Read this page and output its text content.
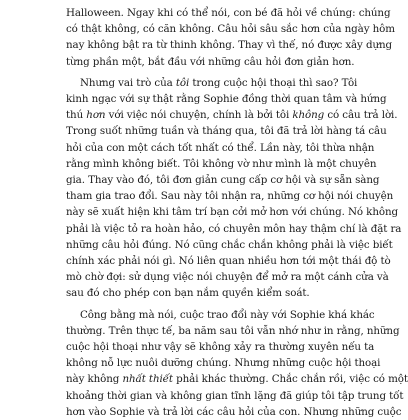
Halloween. Ngay khi có thể nói, con bé đã hỏi về chúng: chúng
có thật không, có căn không. Câu hỏi sâu sắc hơn của ngày hôm
nay không bật ra từ thinh không. Thay vì thế, nó được xây dựng
từng phần một, bắt đầu với những câu hỏi đơn giản hơn.
Nhưng vai trò của tôi trong cuộc hội thoại thì sao? Tôi
kinh ngạc với sự thật rằng Sophie đồng thời quan tâm và hứng
thú hơn với việc nói chuyện, chính là bởi tôi không có câu trả lời.
Trong suốt những tuần và tháng qua, tôi đã trả lời hàng tá câu
hỏi của con một cách tốt nhất có thể. Lần này, tôi thừa nhận
rằng mình không biết. Tôi không vờ như mình là một chuyên
gia. Thay vào đó, tôi đơn giản cung cấp cơ hội và sự sẵn sàng
tham gia trao đổi. Sau này tôi nhận ra, những cơ hội nói chuyện
này sẽ xuất hiện khi tâm trí bạn cởi mở hơn với chúng. Nó không
phải là việc tỏ ra hoàn hảo, có chuyên môn hay thậm chí là đặt ra
những câu hỏi đúng. Nó cũng chắc chắn không phải là việc biết
chính xác phải nói gì. Nó liên quan nhiều hơn tới một thái độ tò
mò chờ đợi: sử dụng việc nói chuyện để mở ra một cánh cửa và
sau đó cho phép con bạn nắm quyền kiểm soát.
Công bằng mà nói, cuộc trao đổi này với Sophie khá khác
thường. Trên thực tế, ba năm sau tôi vẫn nhớ như in rằng, những
cuộc hội thoại như vậy sẽ không xảy ra thường xuyên nếu ta
không nỗ lực nuôi dưỡng chúng. Nhưng những cuộc hội thoại
này không nhất thiết phải khác thường. Chắc chắn rồi, việc có một
khoảng thời gian và không gian tĩnh lặng đã giúp tôi tập trung tốt
hơn vào Sophie và trả lời các câu hỏi của con. Nhưng những cuộc
